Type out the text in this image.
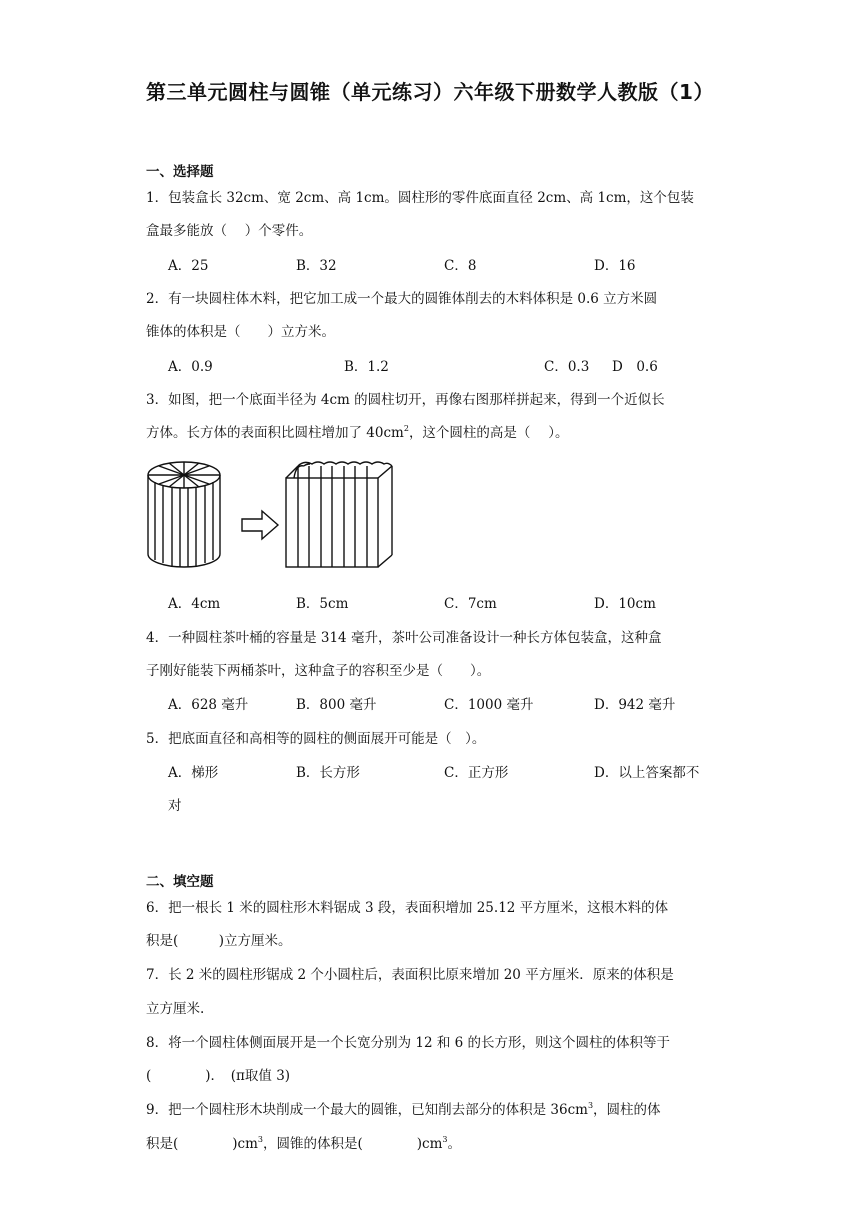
第三单元圆柱与圆锥（单元练习）六年级下册数学人教版（1）
一、选择题
1．包装盒长 32cm、宽 2cm、高 1cm。圆柱形的零件底面直径 2cm、高 1cm，这个包装
盒最多能放（　 ）个零件。
A．25	B．32	C．8	D．16
2．有一块圆柱体木料，把它加工成一个最大的圆锥体削去的木料体积是 0.6 立方米圆
锥体的体积是（　　）立方米。
A．0.9	B．1.2	C．0.3 D　0.6
3．如图，把一个底面半径为 4cm 的圆柱切开，再像右图那样拼起来，得到一个近似长
方体。长方体的表面积比圆柱增加了 $40cm^2$，这个圆柱的高是（　 ）。
A．4cm	B．5cm	C．7cm	D．10cm
4．一种圆柱茶叶桶的容量是 314 毫升，茶叶公司准备设计一种长方体包装盒，这种盒
子刚好能装下两桶茶叶，这种盒子的容积至少是（　　）。
A．628 毫升	B．800 毫升	C．1000 毫升	D．942 毫升
5．把底面直径和高相等的圆柱的侧面展开可能是（　）。
A．梯形	B．长方形	C．正方形	D．以上答案都不
对
二、填空题
6．把一根长 1 米的圆柱形木料锯成 3 段，表面积增加 25.12 平方厘米，这根木料的体
积是(　　　)立方厘米。
7．长 2 米的圆柱形锯成 2 个小圆柱后，表面积比原来增加 20 平方厘米．原来的体积是
立方厘米.
8．将一个圆柱体侧面展开是一个长宽分别为 12 和 6 的长方形，则这个圆柱的体积等于
(　　　　)．　(π取值 3)
9．把一个圆柱形木块削成一个最大的圆锥，已知削去部分的体积是 $36cm^3$，圆柱的体
积是(　　　　)$cm^3$，圆锥的体积是(　　　　)$cm^3$。
